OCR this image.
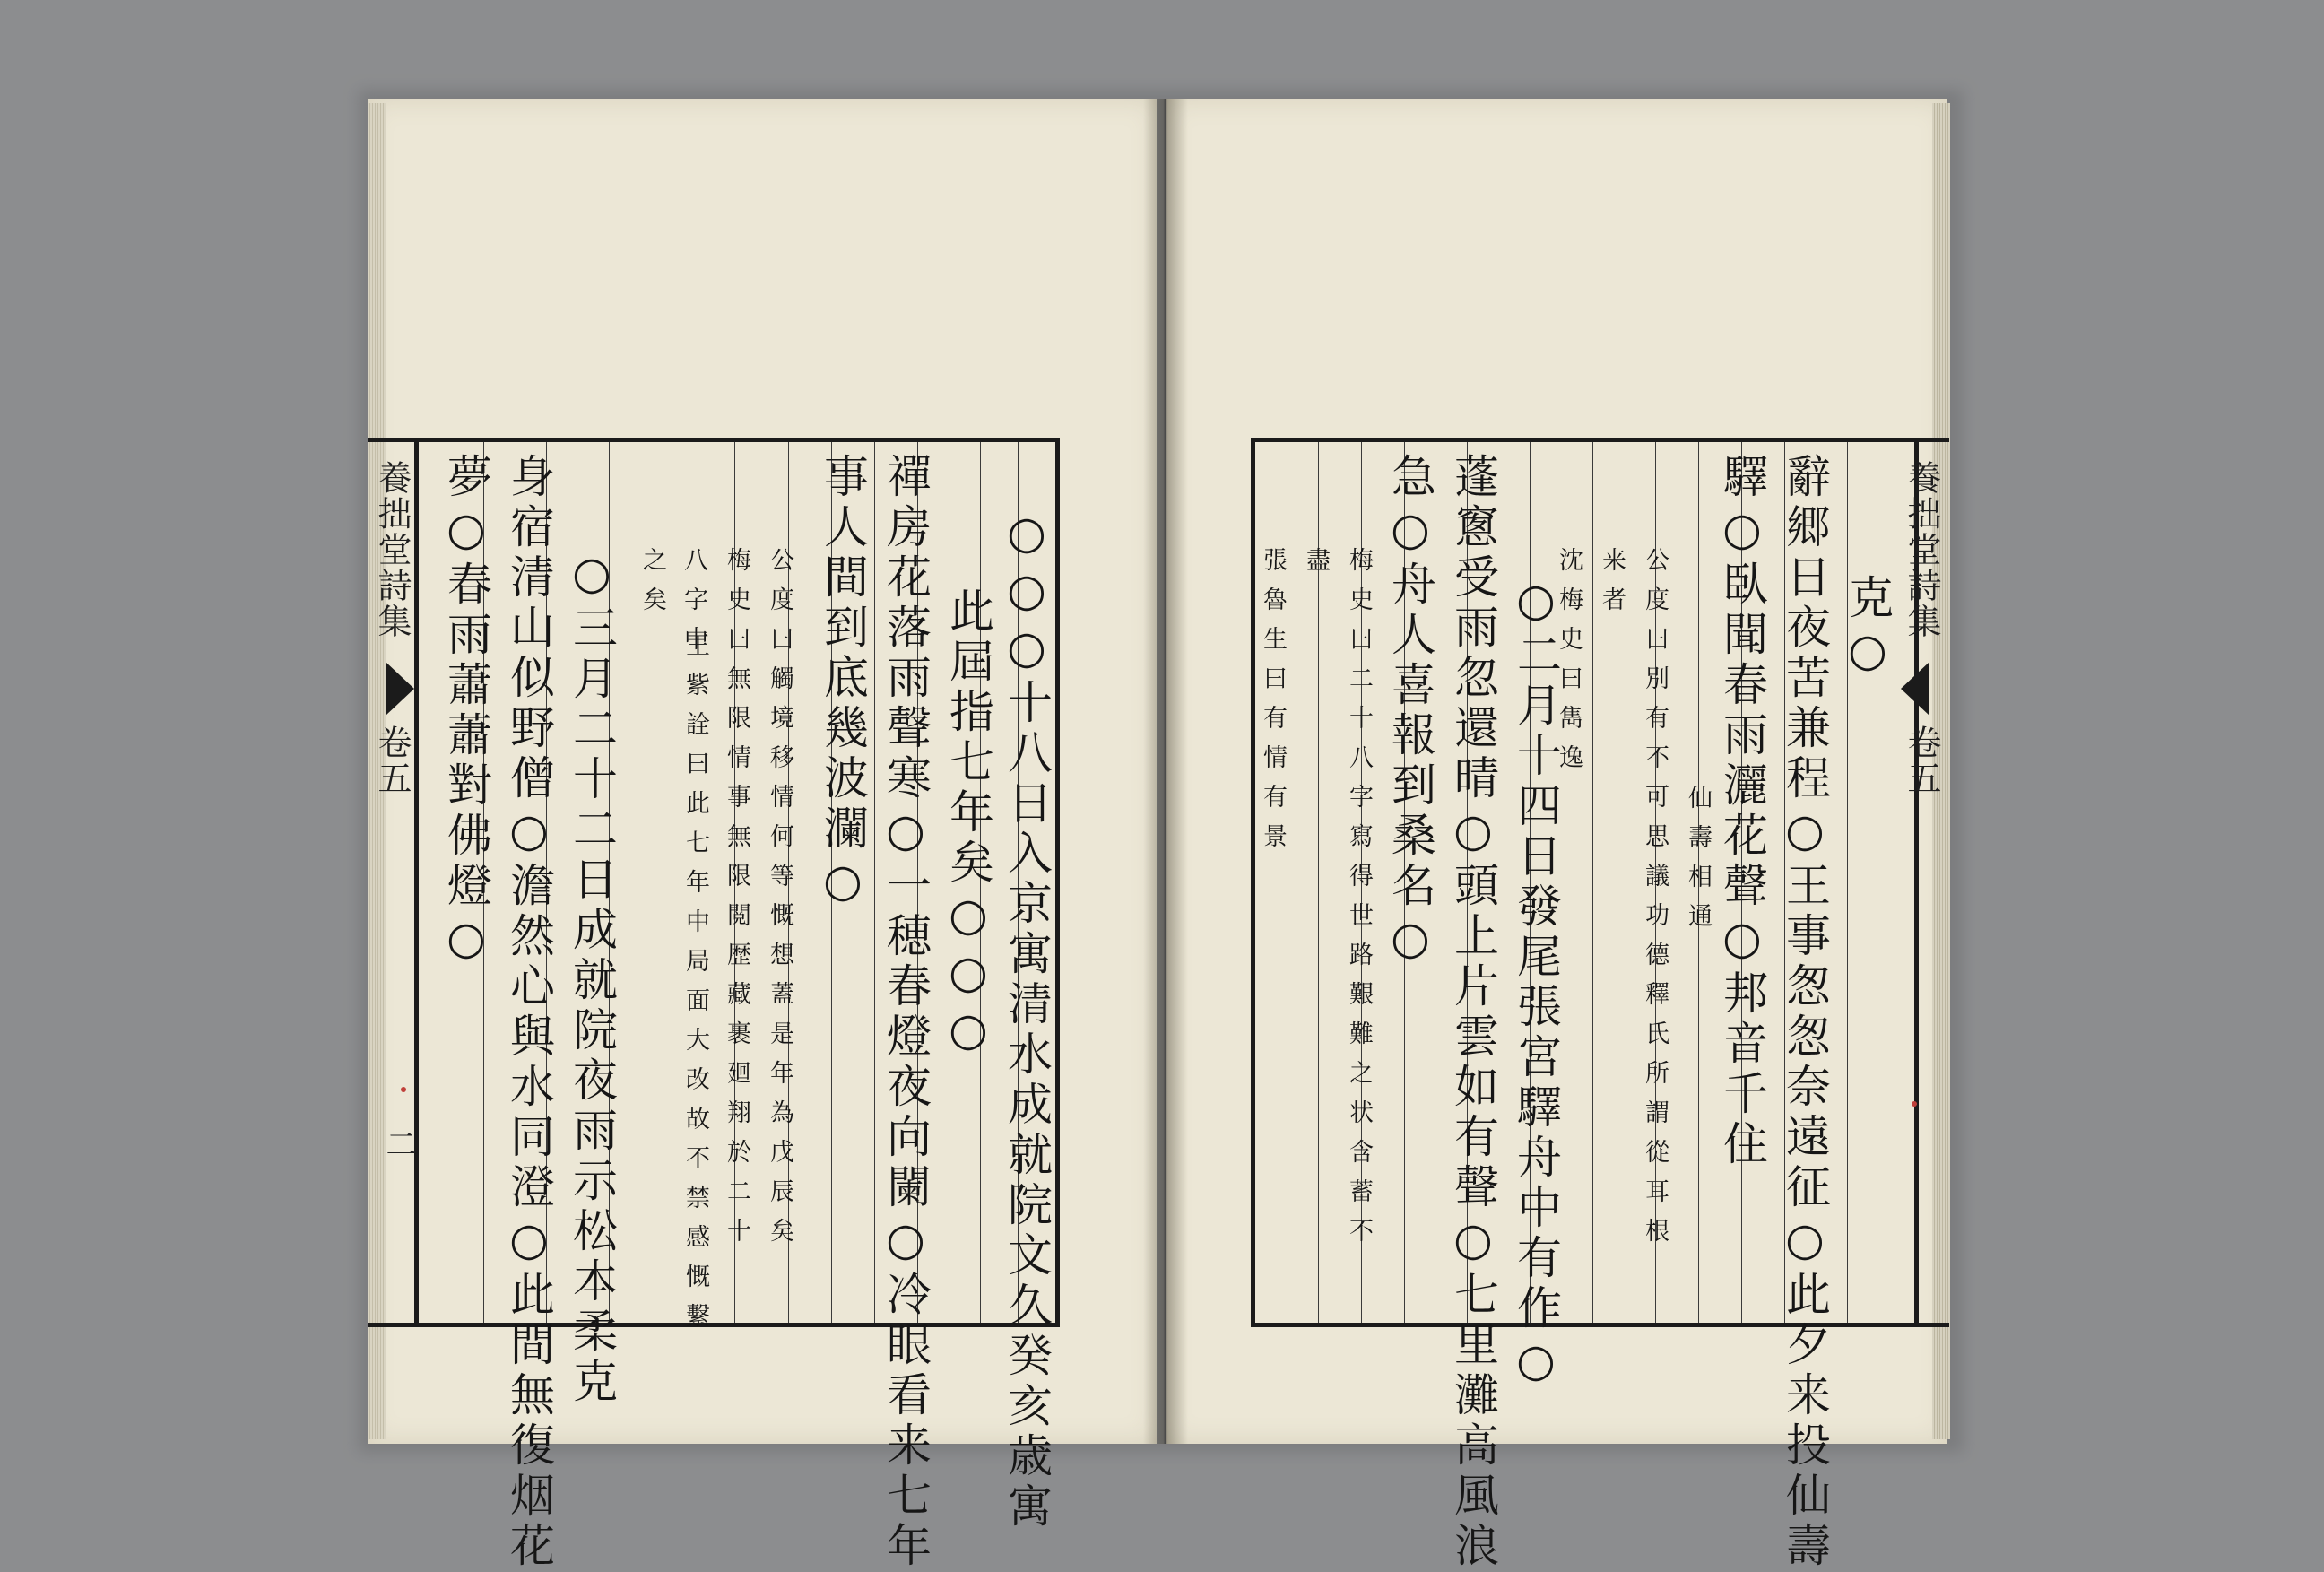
○○○十八日入京寓清水成就院文久癸亥歳寓
此屆指七年矣○○○
事人間到底幾波瀾○ 禪房花落雨聲寒○一穂春燈夜向闌○冷眼看来七年
公度曰觸境移情何等慨想蓋是年為戊辰矣
梅史曰無限情事無限閲歴藏裹廻翔於二十
八字中
王紫詮曰此七年中局面大改故不禁感慨繫
之矣
○三月二十二日成就院夜雨示松本柔克
身宿清山似野僧○澹然心與水同澄○此間無復烟花
夢○春雨蕭蕭對佛燈○
養拙堂詩集
卷五
二
克○
辭郷日夜苦兼程○王事怱怱奈遠征○此夕来投仙壽
驛○臥聞春雨灑花聲○邦音千住
仙壽相通
公度曰別有不可思議功德釋氏所謂從耳根
来者
沈梅史曰雋逸
○二月十四日發尾張宮驛舟中有作○
蓬窻受雨忽還晴○頭上片雲如有聲○七里灘高風浪
急○舟人喜報到桑名○
梅史曰二十八字寫得世路艱難之状含蓄不
盡
張魯生曰有情有景	養拙堂詩集
卷五
